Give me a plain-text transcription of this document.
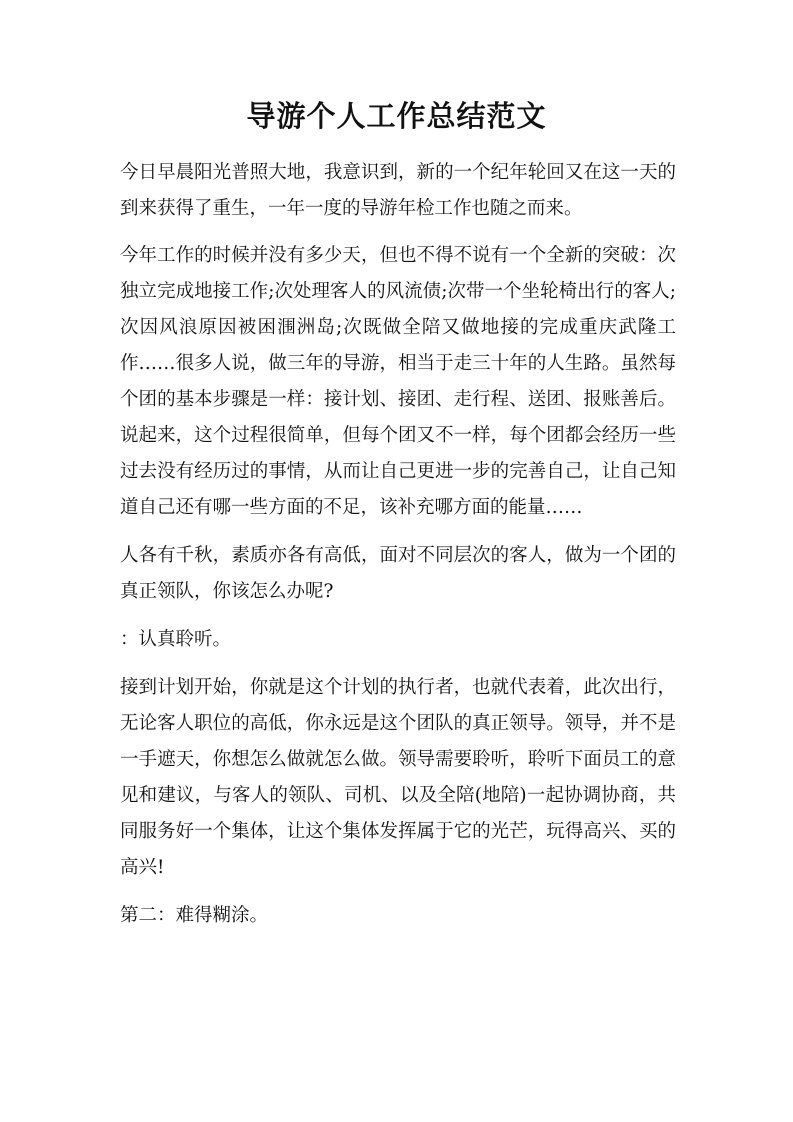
导游个人工作总结范文

今日早晨阳光普照大地，我意识到，新的一个纪年轮回又在这一天的到来获得了重生，一年一度的导游年检工作也随之而来。

今年工作的时候并没有多少天，但也不得不说有一个全新的突破：次独立完成地接工作;次处理客人的风流债;次带一个坐轮椅出行的客人;次因风浪原因被困涠洲岛;次既做全陪又做地接的完成重庆武隆工作……很多人说，做三年的导游，相当于走三十年的人生路。虽然每个团的基本步骤是一样：接计划、接团、走行程、送团、报账善后。说起来，这个过程很简单，但每个团又不一样，每个团都会经历一些过去没有经历过的事情，从而让自己更进一步的完善自己，让自己知道自己还有哪一些方面的不足，该补充哪方面的能量……

人各有千秋，素质亦各有高低，面对不同层次的客人，做为一个团的真正领队，你该怎么办呢?

：认真聆听。

接到计划开始，你就是这个计划的执行者，也就代表着，此次出行，无论客人职位的高低，你永远是这个团队的真正领导。领导，并不是一手遮天，你想怎么做就怎么做。领导需要聆听，聆听下面员工的意见和建议，与客人的领队、司机、以及全陪(地陪)一起协调协商，共同服务好一个集体，让这个集体发挥属于它的光芒，玩得高兴、买的高兴!

第二：难得糊涂。
